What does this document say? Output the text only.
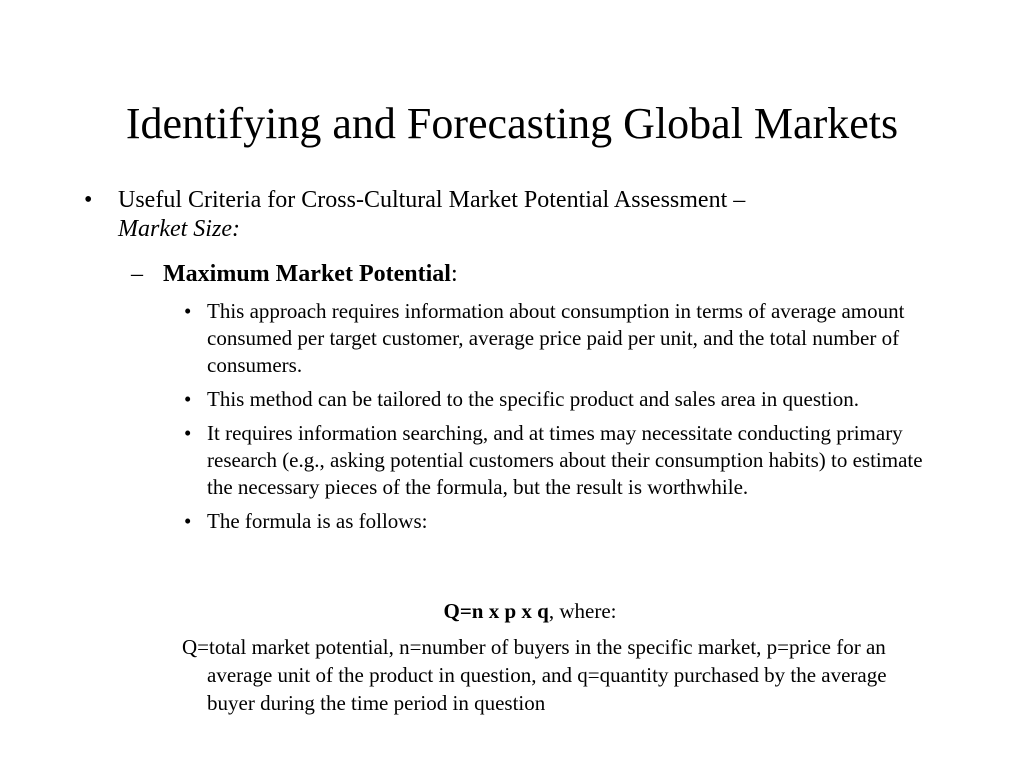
Identifying and Forecasting Global Markets
• Useful Criteria for Cross-Cultural Market Potential Assessment –
Market Size:
– Maximum Market Potential:
• This approach requires information about consumption in terms of average amount consumed per target customer, average price paid per unit, and the total number of consumers.
• This method can be tailored to the specific product and sales area in question.
• It requires information searching, and at times may necessitate conducting primary research (e.g., asking potential customers about their consumption habits) to estimate the necessary pieces of the formula, but the result is worthwhile.
• The formula is as follows:
Q=n x p x q, where:
Q=total market potential, n=number of buyers in the specific market, p=price for an average unit of the product in question, and q=quantity purchased by the average buyer during the time period in question
